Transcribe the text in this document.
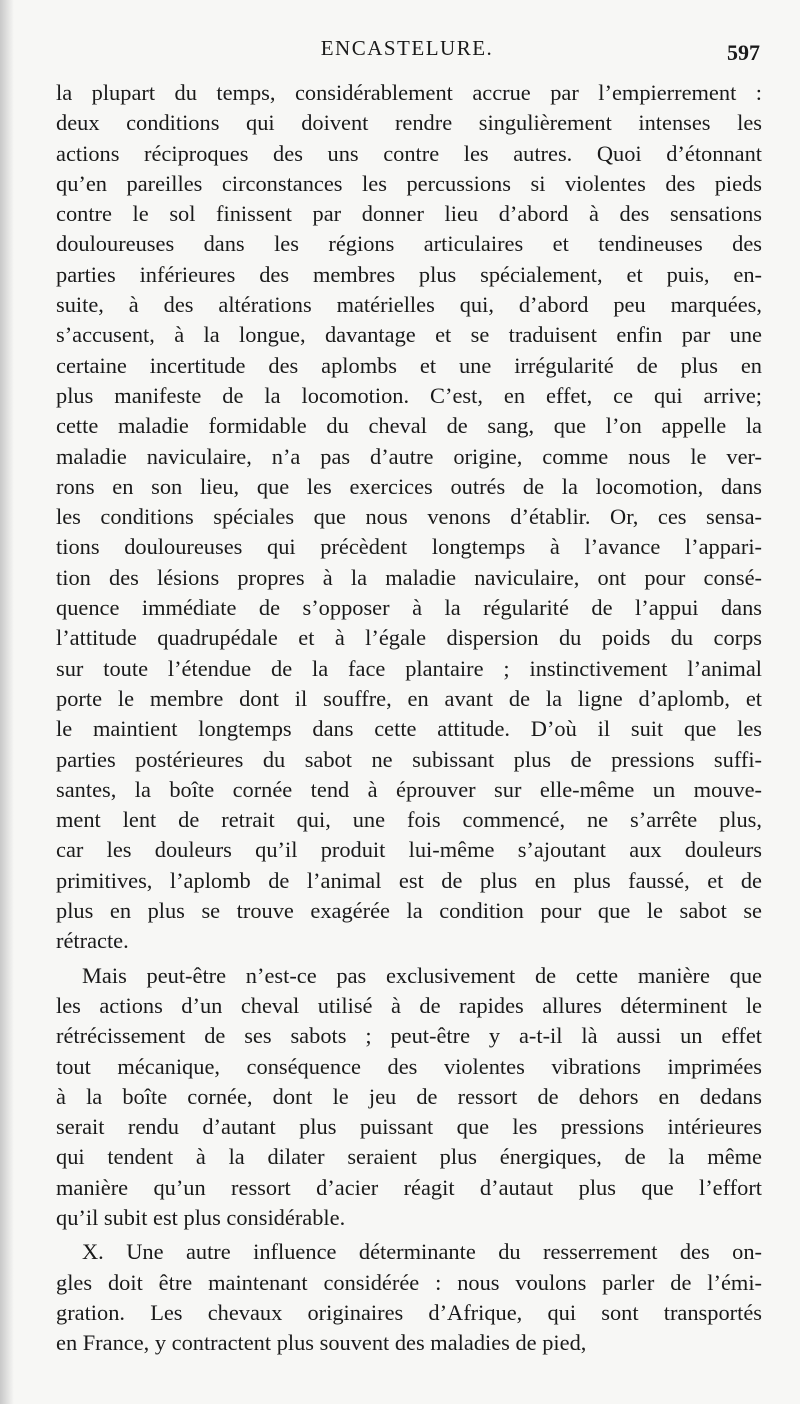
ENCASTELURE.	597
la plupart du temps, considérablement accrue par l’empierrement :
deux conditions qui doivent rendre singulièrement intenses les
actions réciproques des uns contre les autres. Quoi d’étonnant
qu’en pareilles circonstances les percussions si violentes des pieds
contre le sol finissent par donner lieu d’abord à des sensations
douloureuses dans les régions articulaires et tendineuses des
parties inférieures des membres plus spécialement, et puis, en-
suite, à des altérations matérielles qui, d’abord peu marquées,
s’accusent, à la longue, davantage et se traduisent enfin par une
certaine incertitude des aplombs et une irrégularité de plus en
plus manifeste de la locomotion. C’est, en effet, ce qui arrive;
cette maladie formidable du cheval de sang, que l’on appelle la
maladie naviculaire, n’a pas d’autre origine, comme nous le ver-
rons en son lieu, que les exercices outrés de la locomotion, dans
les conditions spéciales que nous venons d’établir. Or, ces sensa-
tions douloureuses qui précèdent longtemps à l’avance l’appari-
tion des lésions propres à la maladie naviculaire, ont pour consé-
quence immédiate de s’opposer à la régularité de l’appui dans
l’attitude quadrupédale et à l’égale dispersion du poids du corps
sur toute l’étendue de la face plantaire ; instinctivement l’animal
porte le membre dont il souffre, en avant de la ligne d’aplomb, et
le maintient longtemps dans cette attitude. D’où il suit que les
parties postérieures du sabot ne subissant plus de pressions suffi-
santes, la boîte cornée tend à éprouver sur elle-même un mouve-
ment lent de retrait qui, une fois commencé, ne s’arrête plus,
car les douleurs qu’il produit lui-même s’ajoutant aux douleurs
primitives, l’aplomb de l’animal est de plus en plus faussé, et de
plus en plus se trouve exagérée la condition pour que le sabot se
rétracte.
Mais peut-être n’est-ce pas exclusivement de cette manière que
les actions d’un cheval utilisé à de rapides allures déterminent le
rétrécissement de ses sabots ; peut-être y a-t-il là aussi un effet
tout mécanique, conséquence des violentes vibrations imprimées
à la boîte cornée, dont le jeu de ressort de dehors en dedans
serait rendu d’autant plus puissant que les pressions intérieures
qui tendent à la dilater seraient plus énergiques, de la même
manière qu’un ressort d’acier réagit d’autaut plus que l’effort
qu’il subit est plus considérable.
X. Une autre influence déterminante du resserrement des on-
gles doit être maintenant considérée : nous voulons parler de l’émi-
gration. Les chevaux originaires d’Afrique, qui sont transportés
en France, y contractent plus souvent des maladies de pied,
